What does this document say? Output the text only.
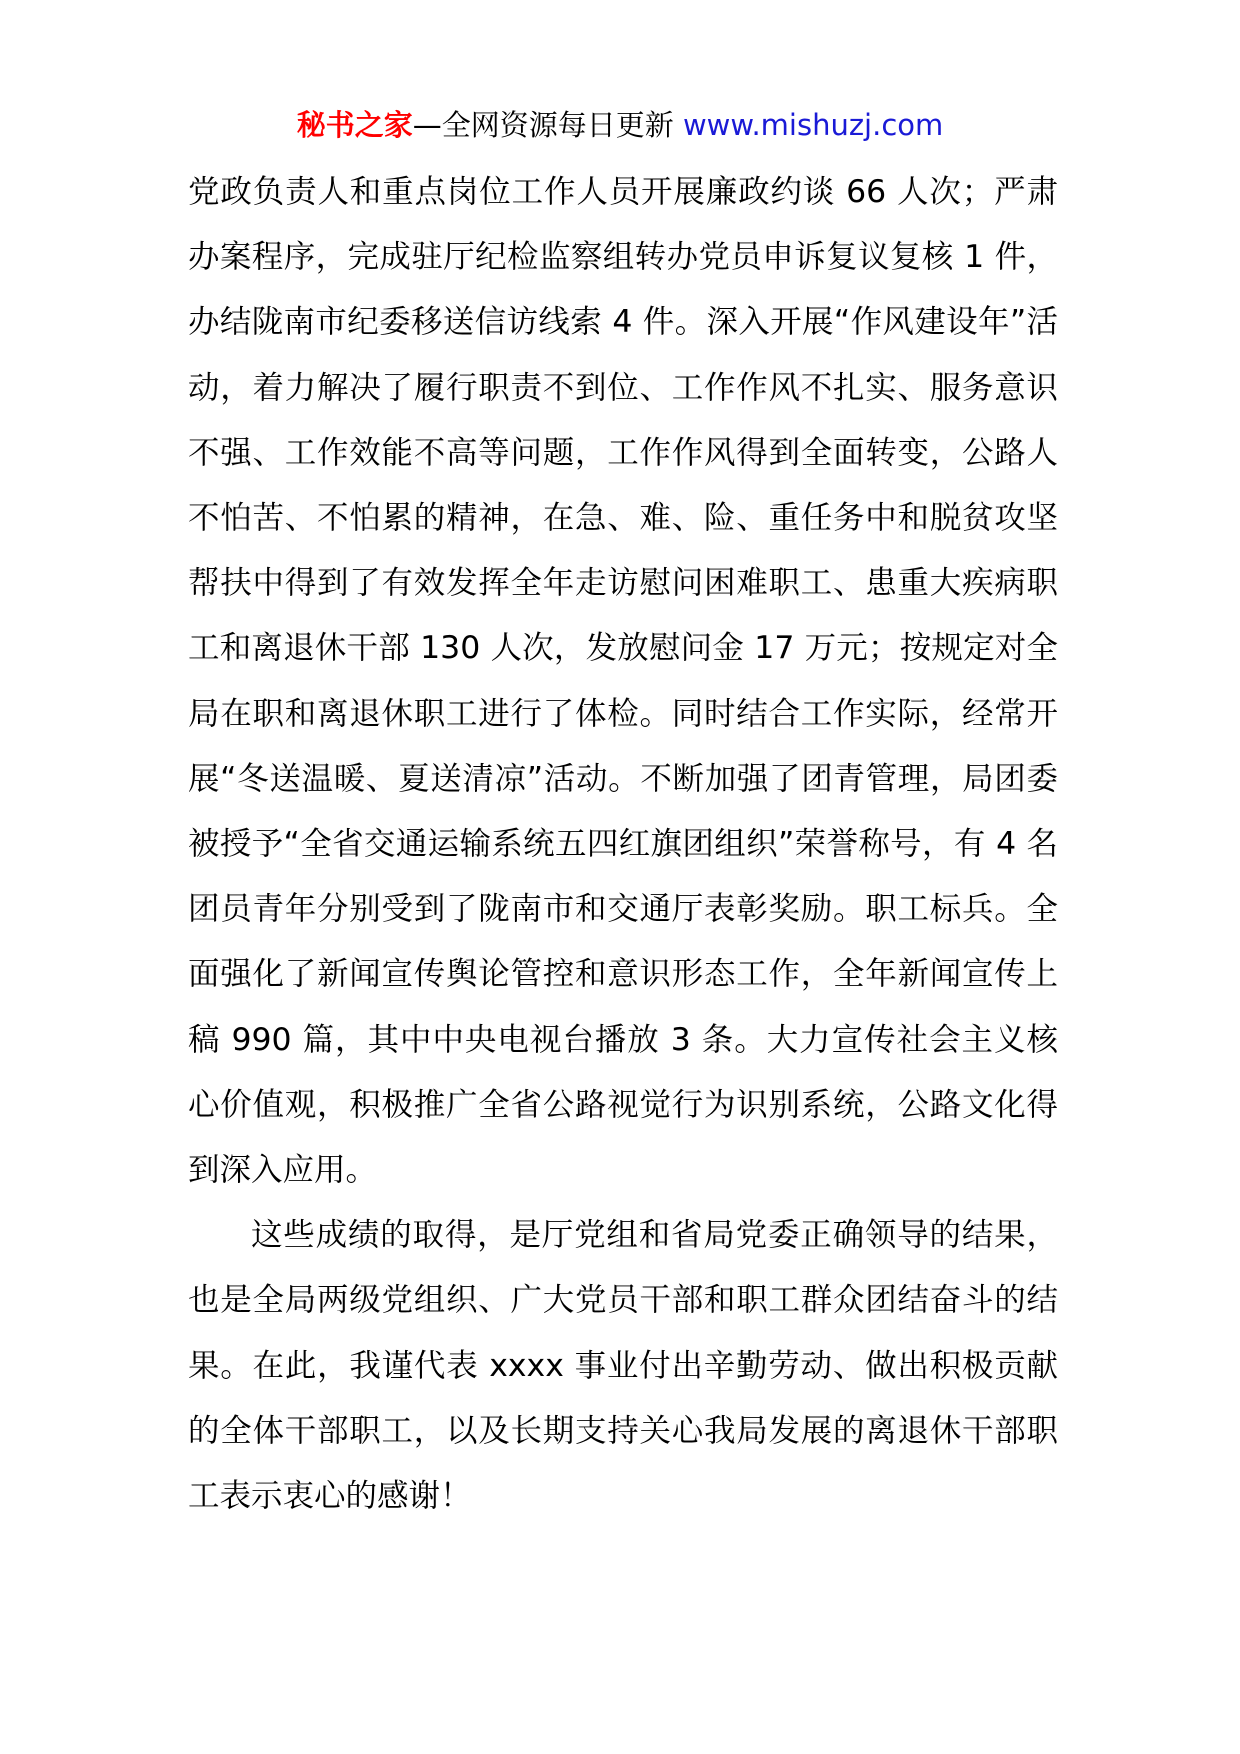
秘书之家—全网资源每日更新 www.mishuzj.com

党政负责人和重点岗位工作人员开展廉政约谈 66 人次；严肃办案程序，完成驻厅纪检监察组转办党员申诉复议复核 1 件，办结陇南市纪委移送信访线索 4 件。深入开展“作风建设年”活动，着力解决了履行职责不到位、工作作风不扎实、服务意识不强、工作效能不高等问题，工作作风得到全面转变，公路人不怕苦、不怕累的精神，在急、难、险、重任务中和脱贫攻坚帮扶中得到了有效发挥全年走访慰问困难职工、患重大疾病职工和离退休干部 130 人次，发放慰问金 17 万元；按规定对全局在职和离退休职工进行了体检。同时结合工作实际，经常开展“冬送温暖、夏送清凉”活动。不断加强了团青管理，局团委被授予“全省交通运输系统五四红旗团组织”荣誉称号，有 4 名团员青年分别受到了陇南市和交通厅表彰奖励。职工标兵。全面强化了新闻宣传舆论管控和意识形态工作，全年新闻宣传上稿 990 篇，其中中央电视台播放 3 条。大力宣传社会主义核心价值观，积极推广全省公路视觉行为识别系统，公路文化得到深入应用。

这些成绩的取得，是厅党组和省局党委正确领导的结果，也是全局两级党组织、广大党员干部和职工群众团结奋斗的结果。在此，我谨代表 xxxx 事业付出辛勤劳动、做出积极贡献的全体干部职工，以及长期支持关心我局发展的离退休干部职工表示衷心的感谢！
